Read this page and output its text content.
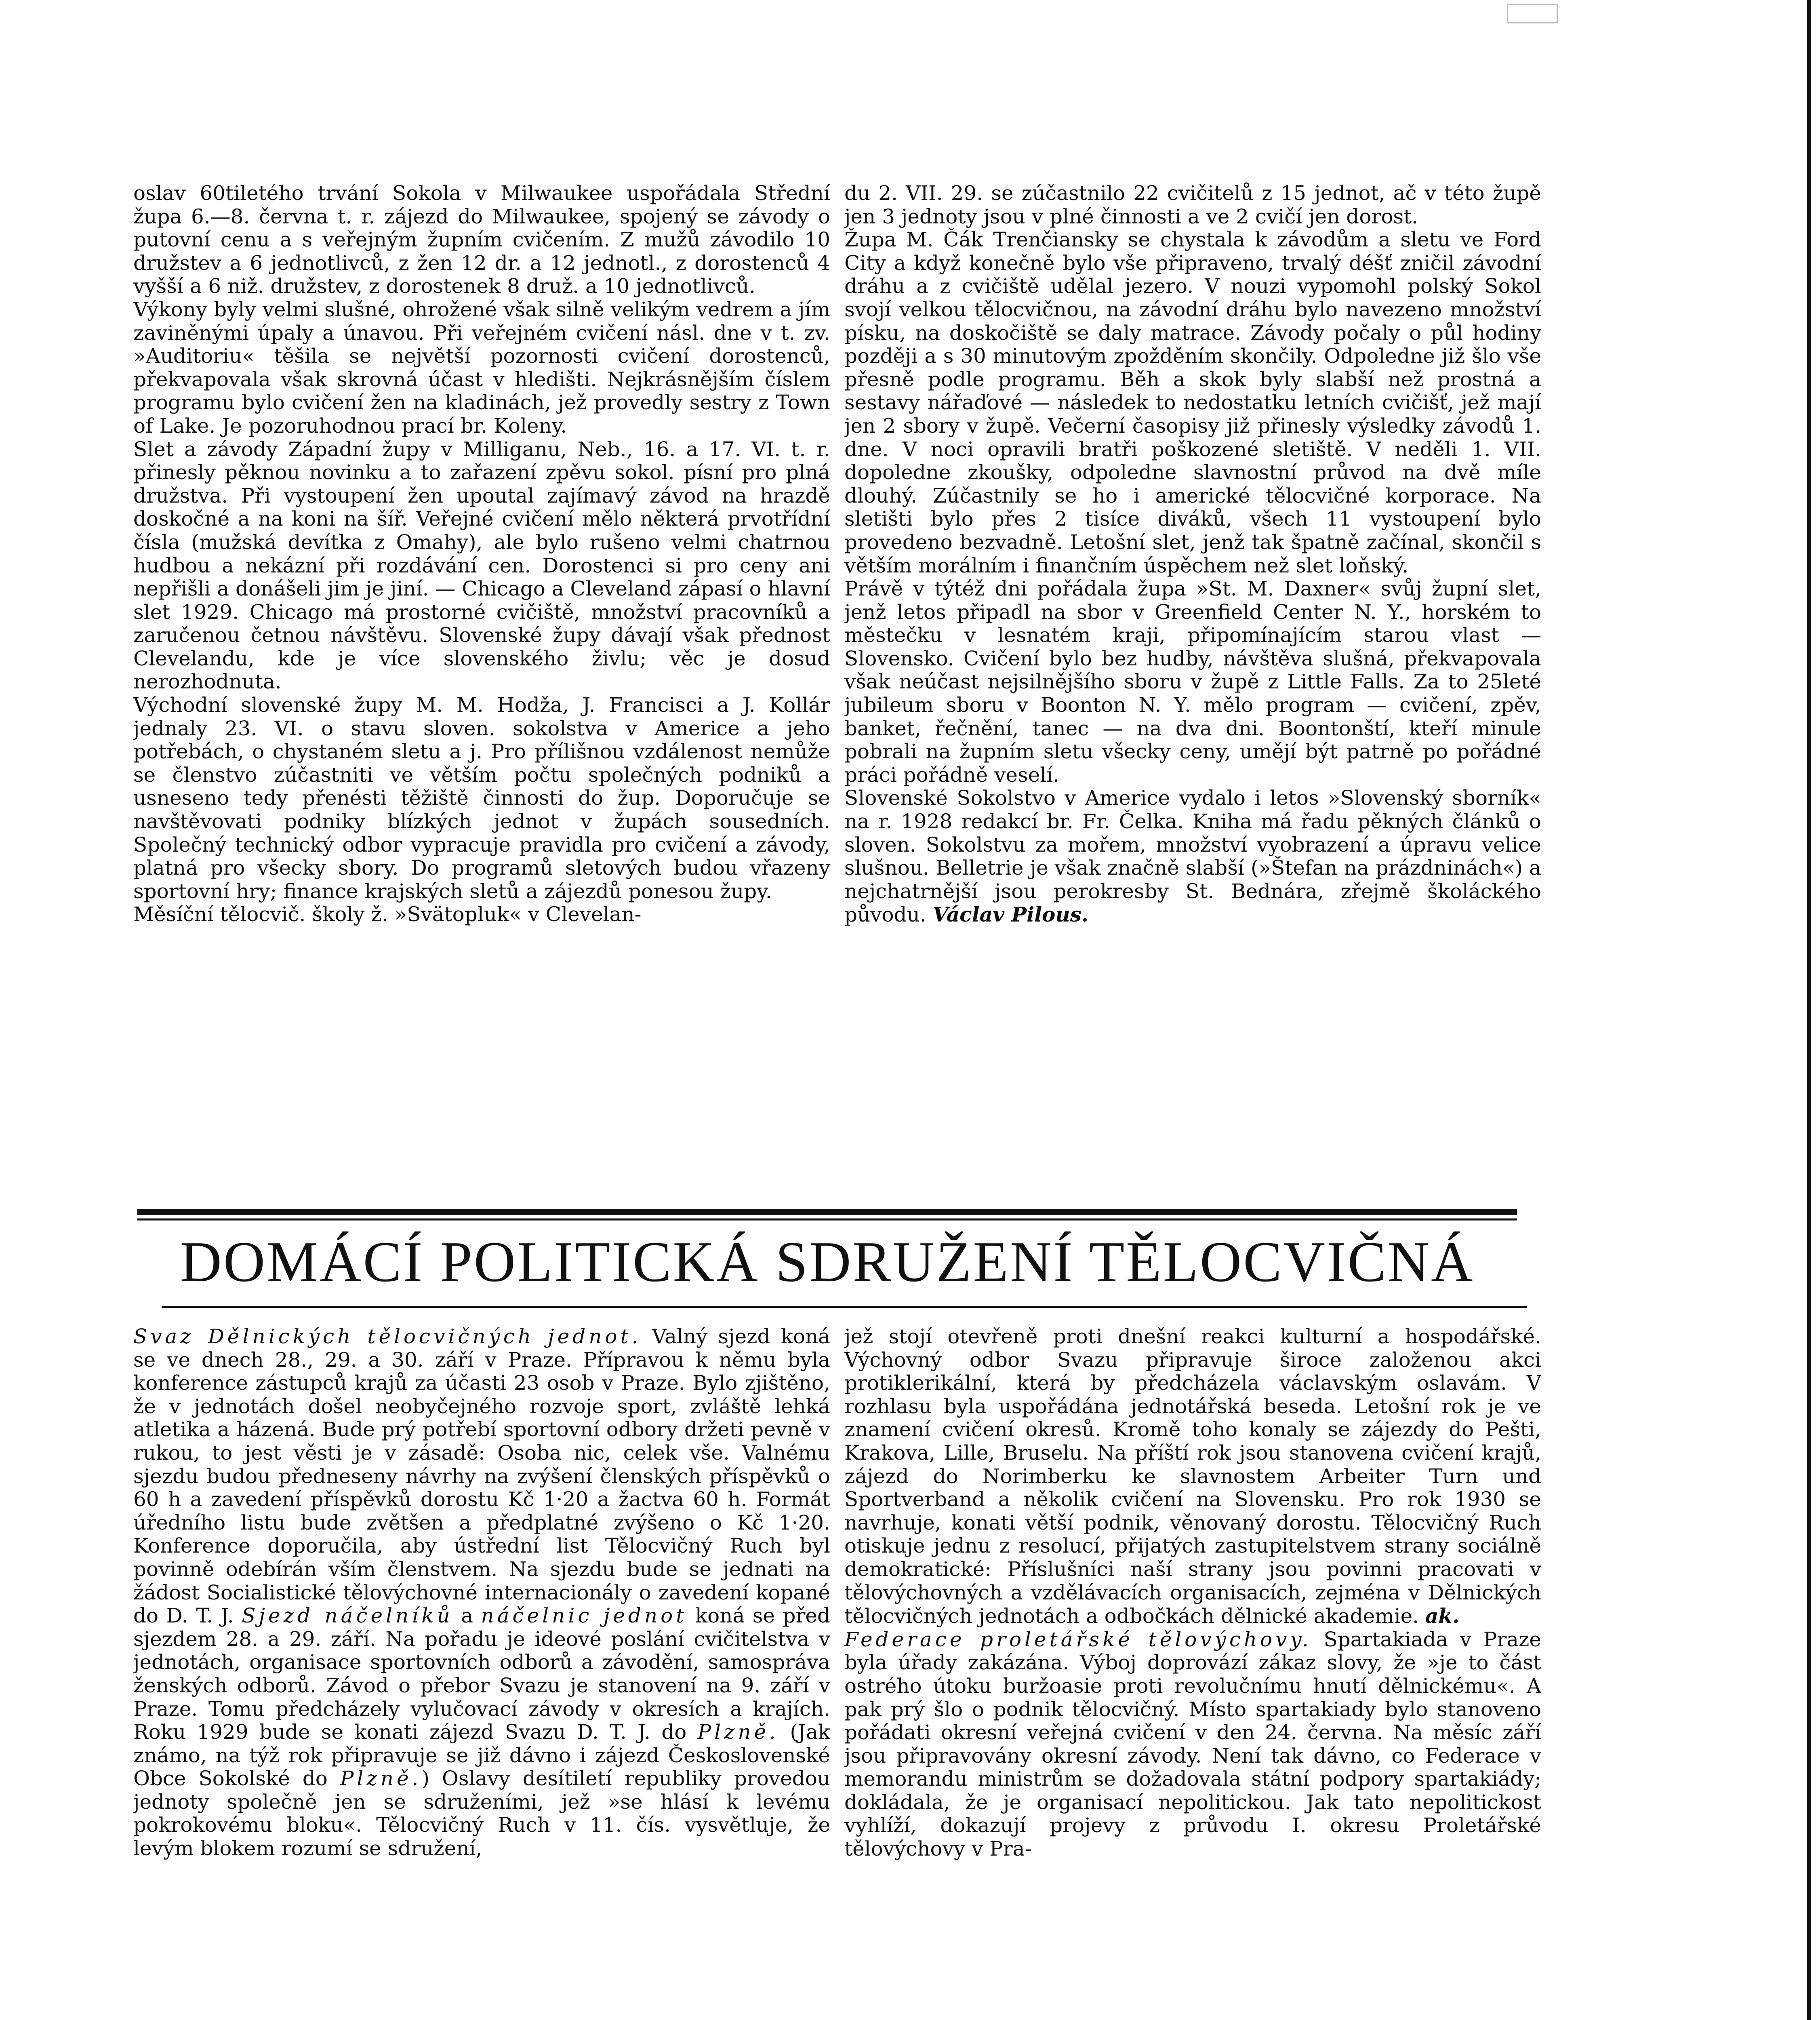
oslav 60tiletého trvání Sokola v Milwaukee uspořádala Střední župa 6.—8. června t. r. zájezd do Milwaukee, spojený se závody o putovní cenu a s veřejným župním cvičením. Z mužů závodilo 10 družstev a 6 jednotlivců, z žen 12 dr. a 12 jednotl., z dorostenců 4 vyšší a 6 niž. družstev, z dorostenek 8 druž. a 10 jednotlivců.

Výkony byly velmi slušné, ohrožené však silně velikým vedrem a jím zaviněnými úpaly a únavou. Při veřejném cvičení násl. dne v t. zv. »Auditoriu« těšila se největší pozornosti cvičení dorostenců, překvapovala však skrovná účast v hledišti. Nejkrásnějším číslem programu bylo cvičení žen na kladinách, jež provedly sestry z Town of Lake. Je pozoruhodnou prací br. Koleny.

Slet a závody Západní župy v Milliganu, Neb., 16. a 17. VI. t. r. přinesly pěknou novinku a to zařazení zpěvu sokol. písní pro plná družstva. Při vystoupení žen upoutal zajímavý závod na hrazdě doskočné a na koni na šíř. Veřejné cvičení mělo některá prvotřídní čísla (mužská devítka z Omahy), ale bylo rušeno velmi chatrnou hudbou a nekázní při rozdávání cen. Dorostenci si pro ceny ani nepřišli a donášeli jim je jiní. — Chicago a Cleveland zápasí o hlavní slet 1929. Chicago má prostorné cvičiště, množství pracovníků a zaručenou četnou návštěvu. Slovenské župy dávají však přednost Clevelandu, kde je více slovenského živlu; věc je dosud nerozhodnuta.

Východní slovenské župy M. M. Hodža, J. Francisci a J. Kollár jednaly 23. VI. o stavu sloven. sokolstva v Americe a jeho potřebách, o chystaném sletu a j. Pro přílišnou vzdálenost nemůže se členstvo zúčastniti ve větším počtu společných podniků a usneseno tedy přenésti těžiště činnosti do žup. Doporučuje se navštěvovati podniky blízkých jednot v župách sousedních. Společný technický odbor vypracuje pravidla pro cvičení a závody, platná pro všecky sbory. Do programů sletových budou vřazeny sportovní hry; finance krajských sletů a zájezdů ponesou župy.

Měsíční tělocvič. školy ž. »Svätopluk« v Clevelan-

du 2. VII. 29. se zúčastnilo 22 cvičitelů z 15 jednot, ač v této župě jen 3 jednoty jsou v plné činnosti a ve 2 cvičí jen dorost.

Župa M. Čák Trenčiansky se chystala k závodům a sletu ve Ford City a když konečně bylo vše připraveno, trvalý déšť zničil závodní dráhu a z cvičiště udělal jezero. V nouzi vypomohl polský Sokol svojí velkou tělocvičnou, na závodní dráhu bylo navezeno množství písku, na doskočiště se daly matrace. Závody počaly o půl hodiny později a s 30 minutovým zpožděním skončily. Odpoledne již šlo vše přesně podle programu. Běh a skok byly slabší než prostná a sestavy nářaďové — následek to nedostatku letních cvičišť, jež mají jen 2 sbory v župě. Večerní časopisy již přinesly výsledky závodů 1. dne. V noci opravili bratři poškozené sletiště. V neděli 1. VII. dopoledne zkoušky, odpoledne slavnostní průvod na dvě míle dlouhý. Zúčastnily se ho i americké tělocvičné korporace. Na sletišti bylo přes 2 tisíce diváků, všech 11 vystoupení bylo provedeno bezvadně. Letošní slet, jenž tak špatně začínal, skončil s větším morálním i finančním úspěchem než slet loňský.

Právě v týtéž dni pořádala župa »St. M. Daxner« svůj župní slet, jenž letos připadl na sbor v Greenfield Center N. Y., horském to městečku v lesnatém kraji, připomínajícím starou vlast — Slovensko. Cvičení bylo bez hudby, návštěva slušná, překvapovala však neúčast nejsilnějšího sboru v župě z Little Falls. Za to 25leté jubileum sboru v Boonton N. Y. mělo program — cvičení, zpěv, banket, řečnění, tanec — na dva dni. Boontonští, kteří minule pobrali na župním sletu všecky ceny, umějí být patrně po pořádné práci pořádně veselí.

Slovenské Sokolstvo v Americe vydalo i letos »Slovenský sborník« na r. 1928 redakcí br. Fr. Čelka. Kniha má řadu pěkných článků o sloven. Sokolstvu za mořem, množství vyobrazení a úpravu velice slušnou. Belletrie je však značně slabší (»Štefan na prázdninách«) a nejchatrnější jsou perokresby St. Bednára, zřejmě školáckého původu. Václav Pilous.

DOMÁCÍ POLITICKÁ SDRUŽENÍ TĚLOCVIČNÁ

Svaz Dělnických tělocvičných jednot. Valný sjezd koná se ve dnech 28., 29. a 30. září v Praze. Přípravou k němu byla konference zástupců krajů za účasti 23 osob v Praze. Bylo zjištěno, že v jednotách došel neobyčejného rozvoje sport, zvláště lehká atletika a házená. Bude prý potřebí sportovní odbory držeti pevně v rukou, to jest věsti je v zásadě: Osoba nic, celek vše. Valnému sjezdu budou předneseny návrhy na zvýšení členských příspěvků o 60 h a zavedení příspěvků dorostu Kč 1·20 a žactva 60 h. Formát úředního listu bude zvětšen a předplatné zvýšeno o Kč 1·20. Konference doporučila, aby ústřední list Tělocvičný Ruch byl povinně odebírán vším členstvem. Na sjezdu bude se jednati na žádost Socialistické tělovýchovné internacionály o zavedení kopané do D. T. J. Sjezd náčelníků a náčelnic jednot koná se před sjezdem 28. a 29. září. Na pořadu je ideové poslání cvičitelstva v jednotách, organisace sportovních odborů a závodění, samospráva ženských odborů. Závod o přebor Svazu je stanovení na 9. září v Praze. Tomu předcházely vylučovací závody v okresích a krajích. Roku 1929 bude se konati zájezd Svazu D. T. J. do Plzně. (Jak známo, na týž rok připravuje se již dávno i zájezd Československé Obce Sokolské do Plzně.) Oslavy desítiletí republiky provedou jednoty společně jen se sdruženími, jež »se hlásí k levému pokrokovému bloku«. Tělocvičný Ruch v 11. čís. vysvětluje, že levým blokem rozumí se sdružení,

jež stojí otevřeně proti dnešní reakci kulturní a hospodářské. Výchovný odbor Svazu připravuje široce založenou akci protiklerikální, která by předcházela václavským oslavám. V rozhlasu byla uspořádána jednotářská beseda. Letošní rok je ve znamení cvičení okresů. Kromě toho konaly se zájezdy do Pešti, Krakova, Lille, Bruselu. Na příští rok jsou stanovena cvičení krajů, zájezd do Norimberku ke slavnostem Arbeiter Turn und Sportverband a několik cvičení na Slovensku. Pro rok 1930 se navrhuje, konati větší podnik, věnovaný dorostu. Tělocvičný Ruch otiskuje jednu z resolucí, přijatých zastupitelstvem strany sociálně demokratické: Příslušníci naší strany jsou povinni pracovati v tělovýchovných a vzdělávacích organisacích, zejména v Dělnických tělocvičných jednotách a odbočkách dělnické akademie. ak.

Federace proletářské tělovýchovy. Spartakiada v Praze byla úřady zakázána. Výboj doprovází zákaz slovy, že »je to část ostrého útoku buržoasie proti revolučnímu hnutí dělnickému«. A pak prý šlo o podnik tělocvičný. Místo spartakiady bylo stanoveno pořádati okresní veřejná cvičení v den 24. června. Na měsíc září jsou připravovány okresní závody. Není tak dávno, co Federace v memorandu ministrům se dožadovala státní podpory spartakiády; dokládala, že je organisací nepolitickou. Jak tato nepolitickost vyhlíží, dokazují projevy z průvodu I. okresu Proletářské tělovýchovy v Pra-
